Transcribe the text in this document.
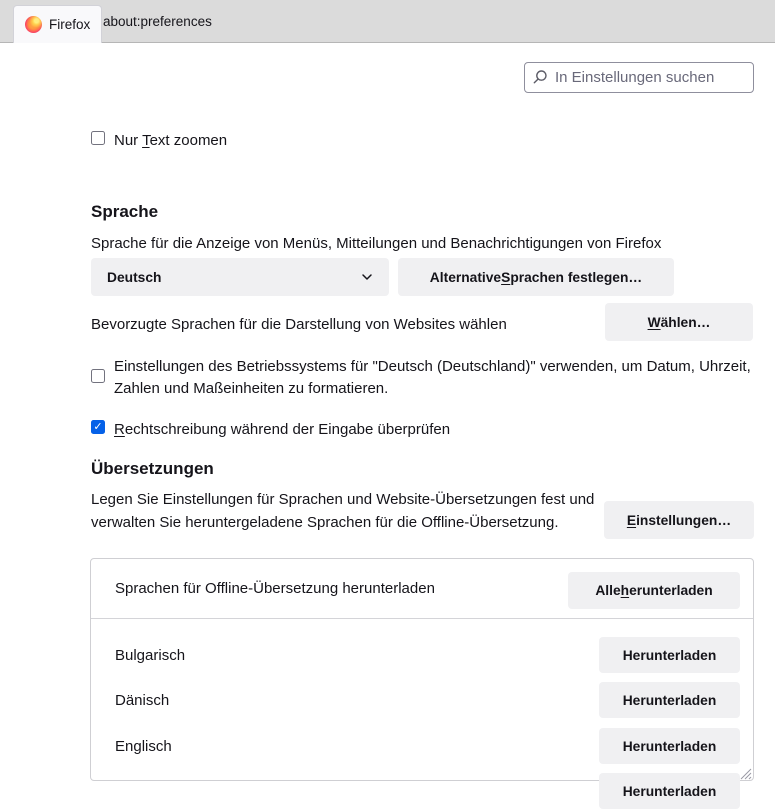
Firefox about:preferences
In Einstellungen suchen
Nur Text zoomen
Sprache

Sprache für die Anzeige von Menüs, Mitteilungen und Benachrichtigungen von Firefox

Deutsch	Alternative S prachen festlegen…
Bevorzugte Sprachen für die Darstellung von Websites wählen	W ählen…
Einstellungen des Betriebssystems für "Deutsch (Deutschland)" verwenden, um Datum, Uhrzeit, Zahlen und Maßeinheiten zu formatieren.
✓ Rechtschreibung während der Eingabe überprüfen
Übersetzungen

Legen Sie Einstellungen für Sprachen und Website-Übersetzungen fest und verwalten Sie heruntergeladene Sprachen für die Offline-Übersetzung.	E instellungen…
Sprachen für Offline-Übersetzung herunterladen	Alle h erunterladen
Bulgarisch	Herunterladen
Dänisch	Herunterladen
Englisch	Herunterladen
Herunterladen
